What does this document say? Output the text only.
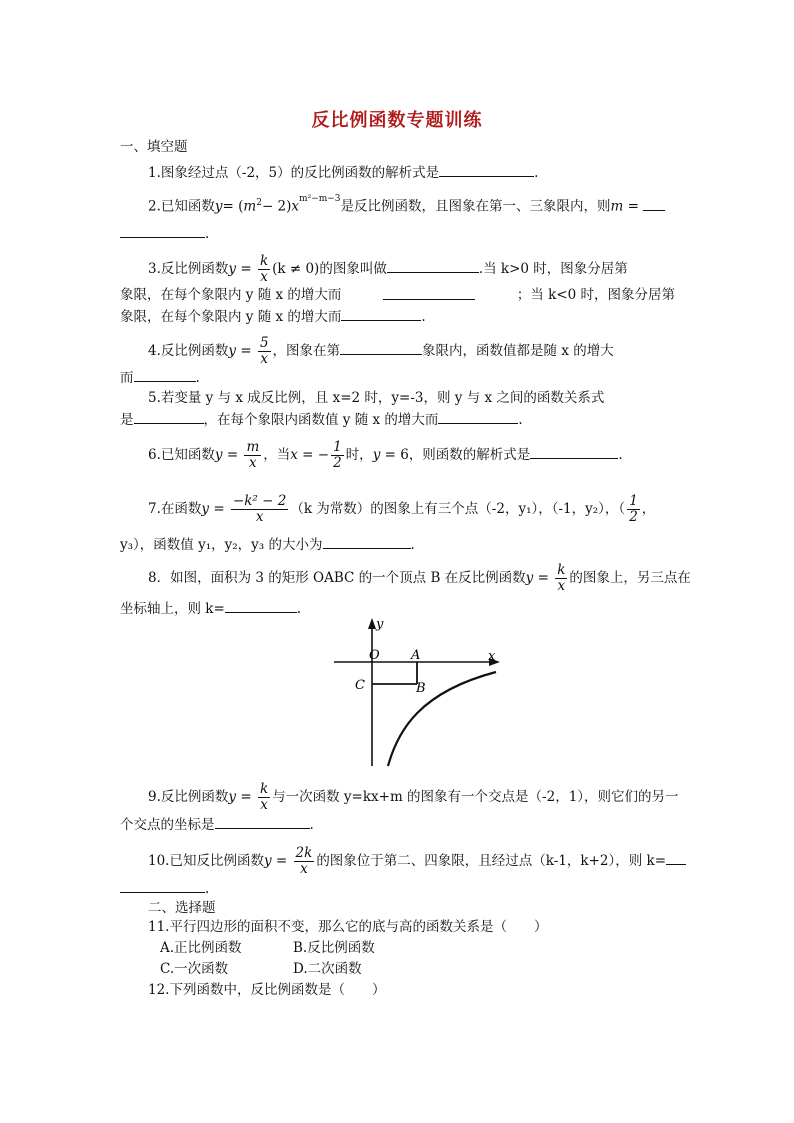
反比例函数专题训练
一、填空题
1.图象经过点（-2，5）的反比例函数的解析式是	.
2.已知函数$y= (m^2- 2)x^{m^2-m-3}$是反比例函数，且图象在第一、三象限内，则m =
.
3.反比例函数$y = \frac{k}{x} (k \ne 0)$的图象叫做	.当 k>0 时，图象分居第
象限，在每个象限内 y 随 x 的增大而	；当 k<0 时，图象分居第
象限，在每个象限内 y 随 x 的增大而	.
4.反比例函数$y = \frac{5}{x}$ ，图象在第	象限内，函数值都是随 x 的增大
而	.
5.若变量 y 与 x 成反比例，且 x=2 时，y=-3，则 y 与 x 之间的函数关系式
是	，在每个象限内函数值 y 随 x 的增大而	.
6.已知函数$y = \frac{m}{x}$ ，当x = − $\frac{1}{2}$ 时，y = 6，则函数的解析式是	.
7.在函数$y = \frac{\text{−k² − 2}}{x} (k$ 为常数）的图象上有三个点（-2，y₁），（-1，y₂），（ $\frac{1}{2}$ ，
y₃），函数值 y₁，y₂，y₃ 的大小为	.
8．如图，面积为 3 的矩形 OABC 的一个顶点 B 在反比例函数$y = \frac{k}{x}$ 的图象上，另三点在
坐标轴上，则 k=	.
y
x
O A
C	B
9.反比例函数$y = \frac{k}{x}$ 与一次函数 y=kx+m 的图象有一个交点是（-2，1），则它们的另一
个交点的坐标是	.
10.已知反比例函数$y = \frac{2k}{x}$ 的图象位于第二、四象限，且经过点（k-1，k+2），则 k=
.
二、选择题
11.平行四边形的面积不变，那么它的底与高的函数关系是（　　）
A.正比例函数	B.反比例函数
C.一次函数	D.二次函数
12.下列函数中，反比例函数是（　　）
